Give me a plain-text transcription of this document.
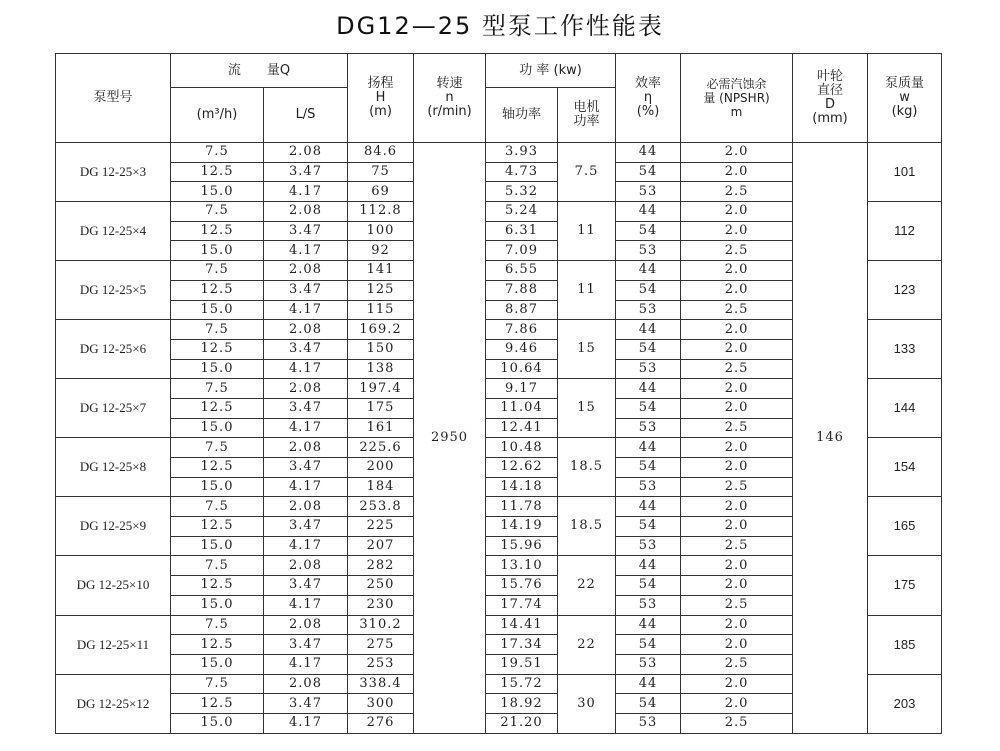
DG12—25 型泵工作性能表
泵型号	流　　量Q		扬程
H
(m)	转速
n
(r/min)	功 率 (kw)		效率
η
(%)	必需汽蚀余
量 (NPSHR)
m	叶轮
直径
D
(mm)	泵质量
w
(kg)

	(m³/h)	L/S			轴功率	电机
功率				

DG 12-25×3	7.5	2.08	84.6	2950	3.93	7.5	44	2.0	146	101
	12.5	3.47	75		4.73		54	2.0		
	15.0	4.17	69		5.32		53	2.5		
DG 12-25×4	7.5	2.08	112.8		5.24	11	44	2.0		112
	12.5	3.47	100		6.31		54	2.0		
	15.0	4.17	92		7.09		53	2.5		
DG 12-25×5	7.5	2.08	141		6.55	11	44	2.0		123
	12.5	3.47	125		7.88		54	2.0		
	15.0	4.17	115		8.87		53	2.5		
DG 12-25×6	7.5	2.08	169.2		7.86	15	44	2.0		133
	12.5	3.47	150		9.46		54	2.0		
	15.0	4.17	138		10.64		53	2.5		
DG 12-25×7	7.5	2.08	197.4		9.17	15	44	2.0		144
	12.5	3.47	175		11.04		54	2.0		
	15.0	4.17	161		12.41		53	2.5		
DG 12-25×8	7.5	2.08	225.6		10.48	18.5	44	2.0		154
	12.5	3.47	200		12.62		54	2.0		
	15.0	4.17	184		14.18		53	2.5		
DG 12-25×9	7.5	2.08	253.8		11.78	18.5	44	2.0		165
	12.5	3.47	225		14.19		54	2.0		
	15.0	4.17	207		15.96		53	2.5		
DG 12-25×10	7.5	2.08	282		13.10	22	44	2.0		175
	12.5	3.47	250		15.76		54	2.0		
	15.0	4.17	230		17.74		53	2.5		
DG 12-25×11	7.5	2.08	310.2		14.41	22	44	2.0		185
	12.5	3.47	275		17.34		54	2.0		
	15.0	4.17	253		19.51		53	2.5		
DG 12-25×12	7.5	2.08	338.4		15.72	30	44	2.0		203
	12.5	3.47	300		18.92		54	2.0		
	15.0	4.17	276		21.20		53	2.5		
